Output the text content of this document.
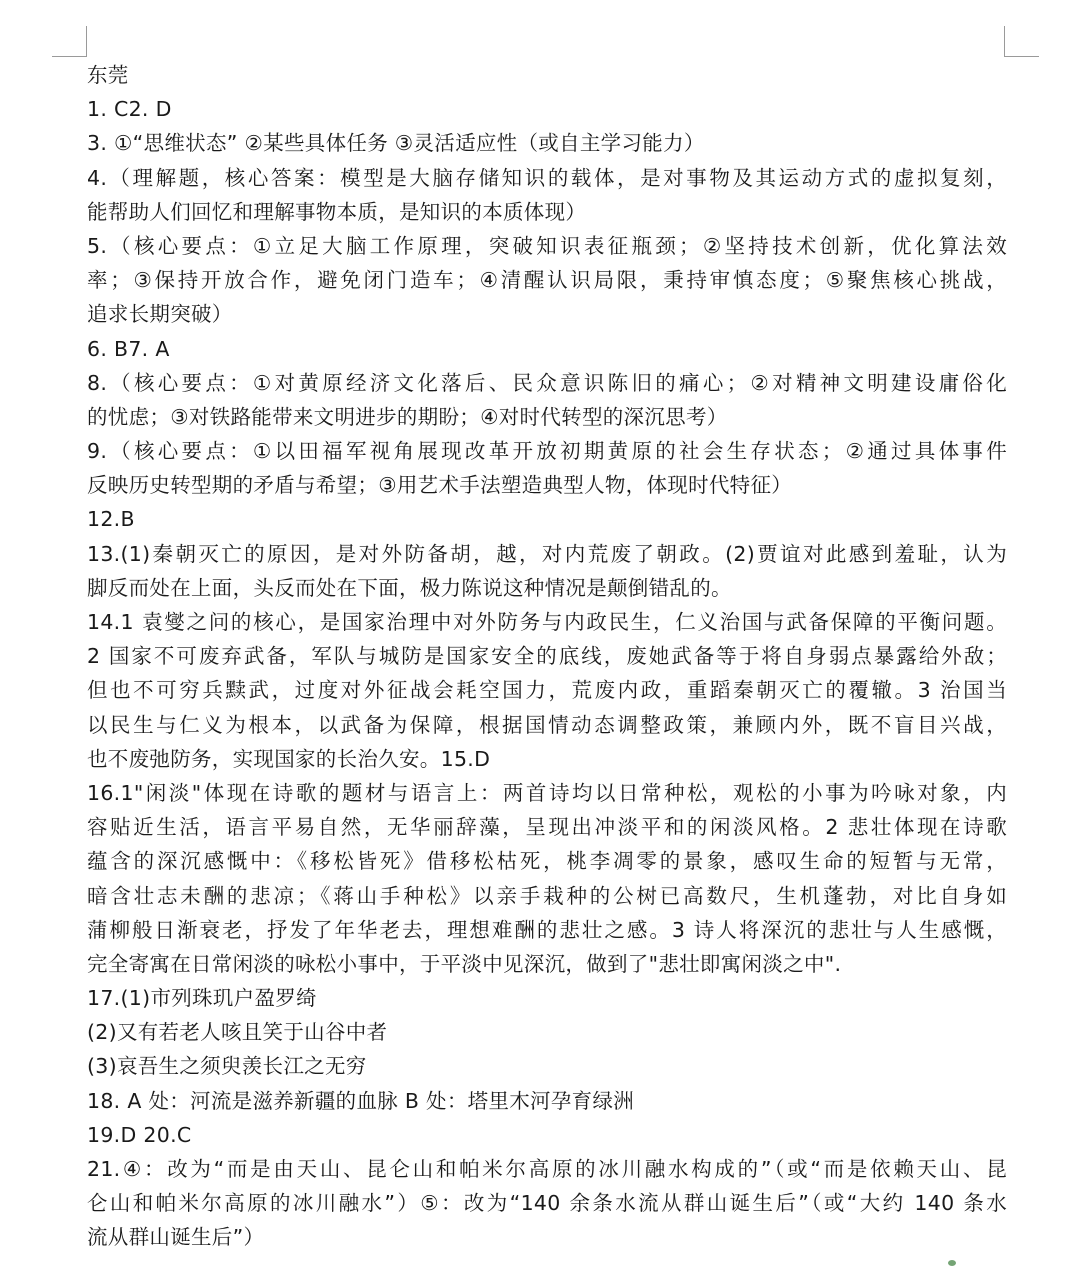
东莞
1. C2. D
3. ①“思维状态” ②某些具体任务 ③灵活适应性（或自主学习能力）
4.（理解题，核心答案：模型是大脑存储知识的载体，是对事物及其运动方式的虚拟复刻，
能帮助人们回忆和理解事物本质，是知识的本质体现）
5.（核心要点：①立足大脑工作原理，突破知识表征瓶颈；②坚持技术创新，优化算法效
率；③保持开放合作，避免闭门造车；④清醒认识局限，秉持审慎态度；⑤聚焦核心挑战，
追求长期突破）
6. B7. A
8.（核心要点：①对黄原经济文化落后、民众意识陈旧的痛心；②对精神文明建设庸俗化
的忧虑；③对铁路能带来文明进步的期盼；④对时代转型的深沉思考）
9.（核心要点：①以田福军视角展现改革开放初期黄原的社会生存状态；②通过具体事件
反映历史转型期的矛盾与希望；③用艺术手法塑造典型人物，体现时代特征）
12.B
13.(1)秦朝灭亡的原因，是对外防备胡，越，对内荒废了朝政。(2)贾谊对此感到羞耻，认为
脚反而处在上面，头反而处在下面，极力陈说这种情况是颠倒错乱的。
14.1 袁燮之问的核心，是国家治理中对外防务与内政民生，仁义治国与武备保障的平衡问题。
2 国家不可废弃武备，军队与城防是国家安全的底线，废她武备等于将自身弱点暴露给外敌；
但也不可穷兵黩武，过度对外征战会耗空国力，荒废内政，重蹈秦朝灭亡的覆辙。3 治国当
以民生与仁义为根本，以武备为保障，根据国情动态调整政策，兼顾内外，既不盲目兴战，
也不废弛防务，实现国家的长治久安。15.D
16.1"闲淡"体现在诗歌的题材与语言上：两首诗均以日常种松，观松的小事为吟咏对象，内
容贴近生活，语言平易自然，无华丽辞藻，呈现出冲淡平和的闲淡风格。2 悲壮体现在诗歌
蕴含的深沉感慨中：《移松皆死》借移松枯死，桃李凋零的景象，感叹生命的短暂与无常，
暗含壮志未酬的悲凉；《蒋山手种松》以亲手栽种的公树已高数尺，生机蓬勃，对比自身如
蒲柳般日渐衰老，抒发了年华老去，理想难酬的悲壮之感。3 诗人将深沉的悲壮与人生感慨，
完全寄寓在日常闲淡的咏松小事中，于平淡中见深沉，做到了"悲壮即寓闲淡之中".
17.(1)市列珠玑户盈罗绮
(2)又有若老人咳且笑于山谷中者
(3)哀吾生之须臾羡长江之无穷
18. A 处：河流是滋养新疆的血脉 B 处：塔里木河孕育绿洲
19.D 20.C
21.④：改为“而是由天山、昆仑山和帕米尔高原的冰川融水构成的”（或“而是依赖天山、昆
仑山和帕米尔高原的冰川融水”）⑤：改为“140 余条水流从群山诞生后”（或“大约 140 条水
流从群山诞生后”）
